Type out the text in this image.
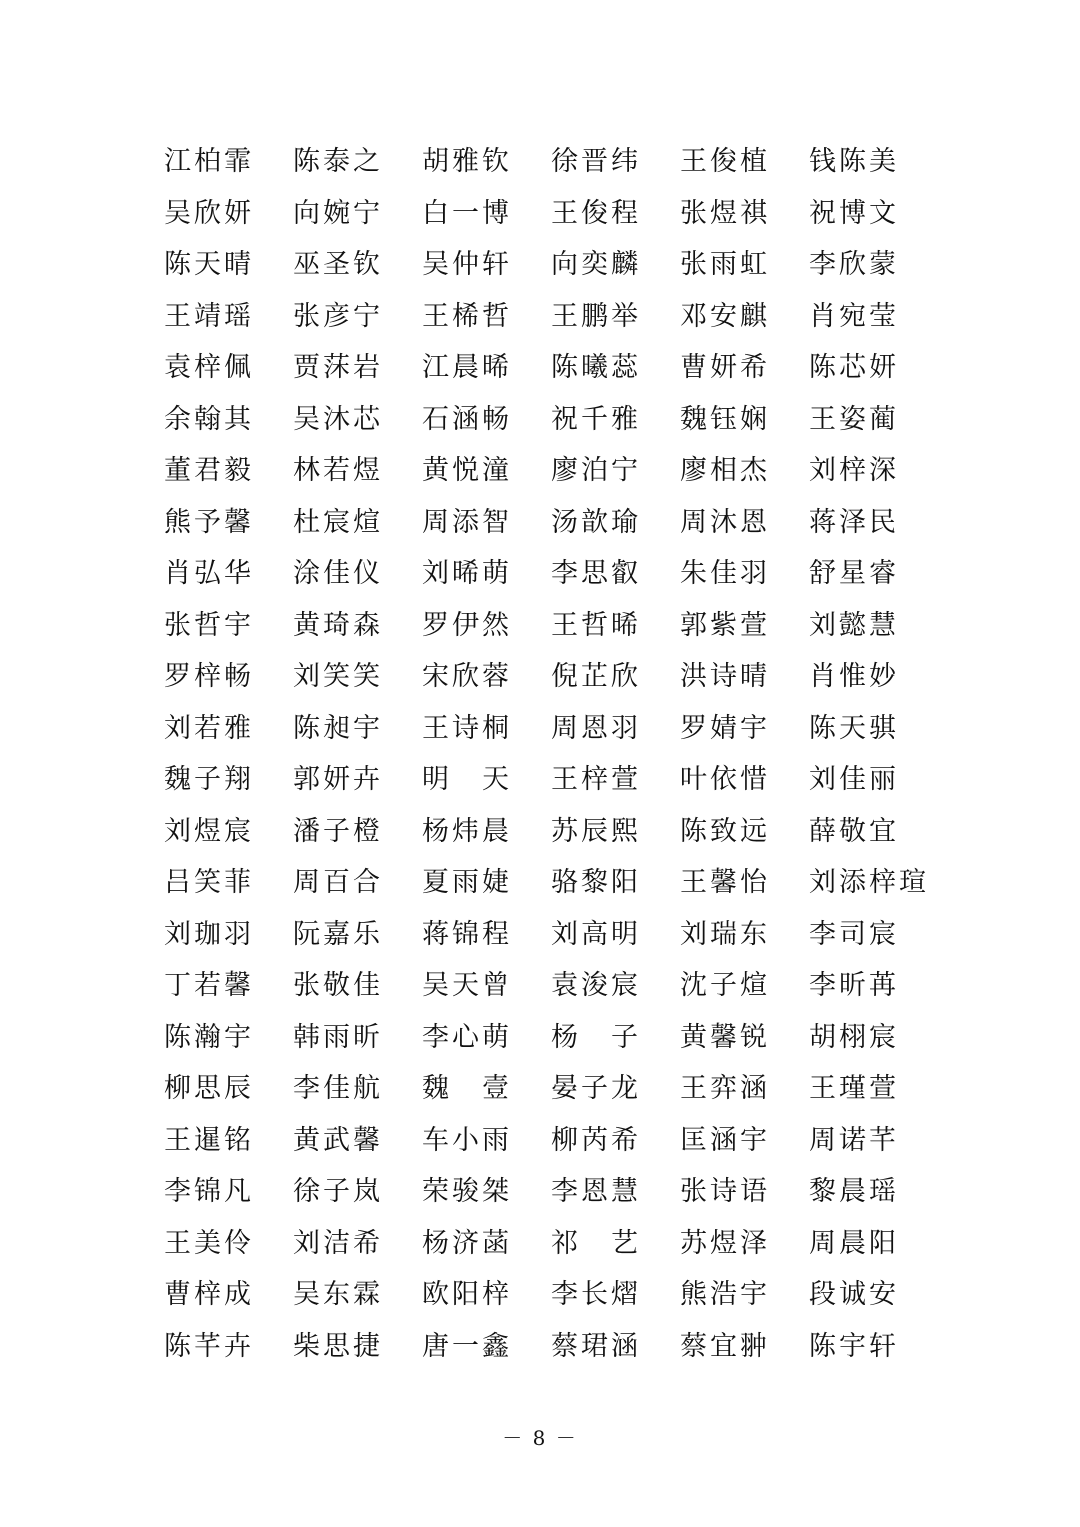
江柏霏	陈泰之	胡雅钦	徐晋纬	王俊植	钱陈美
吴欣妍	向婉宁	白一博	王俊程	张煜祺	祝博文
陈天晴	巫圣钦	吴仲轩	向奕麟	张雨虹	李欣蒙
王靖瑶	张彦宁	王桸哲	王鹏举	邓安麒	肖宛莹
袁梓佩	贾莯岩	江晨晞	陈曦蕊	曹妍希	陈芯妍
余翰其	吴沐芯	石涵畅	祝千雅	魏钰娴	王姿蔺
董君毅	林若煜	黄悦潼	廖泊宁	廖相杰	刘梓深
熊予馨	杜宸煊	周添智	汤歆瑜	周沐恩	蒋泽民
肖弘华	涂佳仪	刘晞萌	李思叡	朱佳羽	舒星睿
张哲宇	黄琦森	罗伊然	王哲晞	郭紫萱	刘懿慧
罗梓畅	刘笑笑	宋欣蓉	倪芷欣	洪诗晴	肖惟妙
刘若雅	陈昶宇	王诗桐	周恩羽	罗婧宇	陈天骐
魏子翔	郭妍卉	明　天	王梓萱	叶依惜	刘佳丽
刘煜宸	潘子橙	杨炜晨	苏辰熙	陈致远	薛敬宜
吕笑菲	周百合	夏雨婕	骆黎阳	王馨怡	刘添梓瑄
刘珈羽	阮嘉乐	蒋锦程	刘高明	刘瑞东	李司宸
丁若馨	张敬佳	吴天曾	袁浚宸	沈子煊	李昕苒
陈瀚宇	韩雨昕	李心萌	杨　子	黄馨锐	胡栩宸
柳思辰	李佳航	魏　壹	晏子龙	王弈涵	王瑾萱
王暹铭	黄武馨	车小雨	柳芮希	匡涵宇	周诺芊
李锦凡	徐子岚	荣骏桀	李恩慧	张诗语	黎晨瑶
王美伶	刘洁希	杨济菡	祁　艺	苏煜泽	周晨阳
曹梓成	吴东霖	欧阳梓	李长熠	熊浩宇	段诚安
陈芊卉	柴思捷	唐一鑫	蔡珺涵	蔡宜翀	陈宇轩
－ 8 －
